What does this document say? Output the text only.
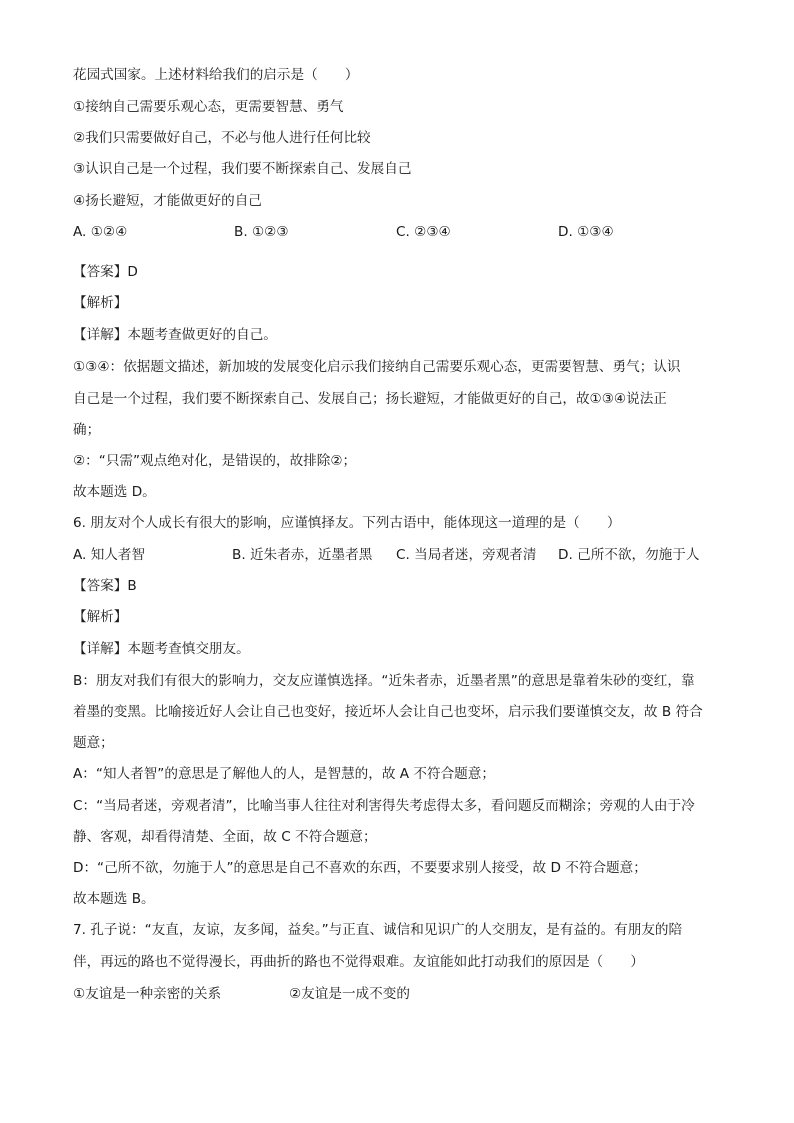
花园式国家。上述材料给我们的启示是（　　）
①接纳自己需要乐观心态，更需要智慧、勇气
②我们只需要做好自己，不必与他人进行任何比较
③认识自己是一个过程，我们要不断探索自己、发展自己
④扬长避短，才能做更好的自己
A. ①②④	B. ①②③	C. ②③④	D. ①③④
【答案】D
【解析】
【详解】本题考查做更好的自己。
①③④：依据题文描述，新加坡的发展变化启示我们接纳自己需要乐观心态，更需要智慧、勇气；认识
自己是一个过程，我们要不断探索自己、发展自己；扬长避短，才能做更好的自己，故①③④说法正
确；
②：“只需”观点绝对化，是错误的，故排除②；
故本题选 D。
6. 朋友对个人成长有很大的影响，应谨慎择友。下列古语中，能体现这一道理的是（　　）
A. 知人者智	B. 近朱者赤，近墨者黑 C. 当局者迷，旁观者清 D. 己所不欲，勿施于人
【答案】B
【解析】
【详解】本题考查慎交朋友。
B：朋友对我们有很大的影响力，交友应谨慎选择。“近朱者赤，近墨者黑”的意思是靠着朱砂的变红，靠
着墨的变黑。比喻接近好人会让自己也变好，接近坏人会让自己也变坏，启示我们要谨慎交友，故 B 符合
题意；
A：“知人者智”的意思是了解他人的人，是智慧的，故 A 不符合题意；
C：“当局者迷，旁观者清”，比喻当事人往往对利害得失考虑得太多，看问题反而糊涂；旁观的人由于冷
静、客观，却看得清楚、全面，故 C 不符合题意；
D：“己所不欲，勿施于人”的意思是自己不喜欢的东西，不要要求别人接受，故 D 不符合题意；
故本题选 B。
7. 孔子说：“友直，友谅，友多闻，益矣。”与正直、诚信和见识广的人交朋友，是有益的。有朋友的陪
伴，再远的路也不觉得漫长，再曲折的路也不觉得艰难。友谊能如此打动我们的原因是（　　）
①友谊是一种亲密的关系	②友谊是一成不变的
